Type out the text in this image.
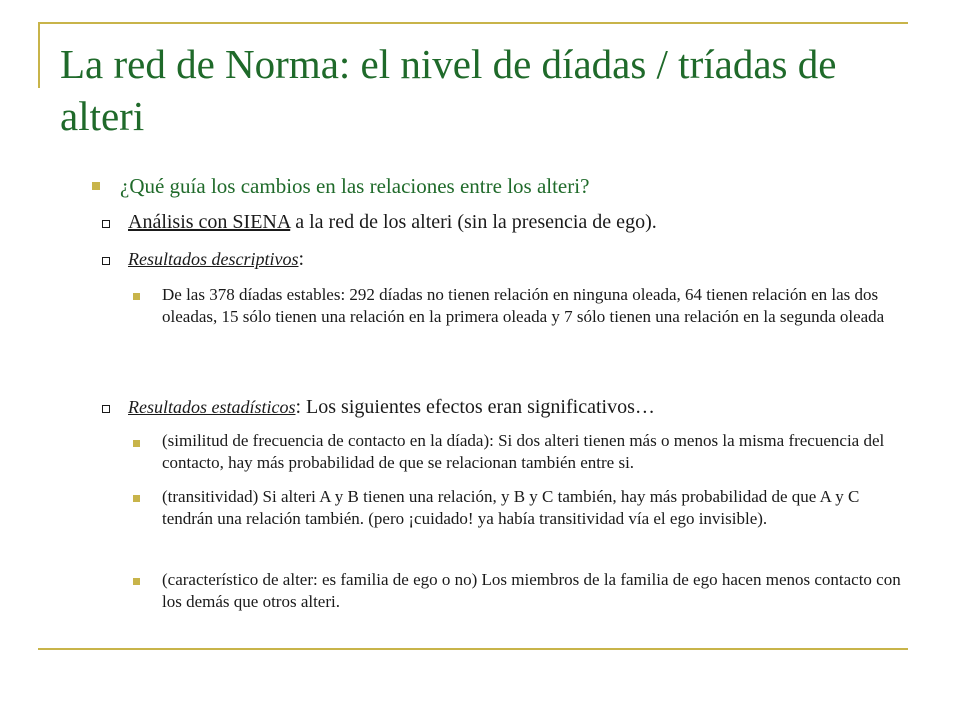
La red de Norma: el nivel de díadas / tríadas de alteri
¿Qué guía los cambios en las relaciones entre los alteri?
Análisis con SIENA a la red de los alteri (sin la presencia de ego).
Resultados descriptivos:
De las 378 díadas estables: 292 díadas no tienen relación en ninguna oleada, 64 tienen relación en las dos oleadas, 15 sólo tienen una relación en la primera oleada y 7 sólo tienen una relación en la segunda oleada
Resultados estadísticos: Los siguientes efectos eran significativos…
(similitud de frecuencia de contacto en la díada): Si dos alteri tienen más o menos la misma frecuencia del contacto, hay más probabilidad de que se relacionan también entre si.
(transitividad) Si alteri A y B tienen una relación, y B y C también, hay más probabilidad de que A y C tendrán una relación también. (pero ¡cuidado! ya había transitividad vía el ego invisible).
(característico de alter: es familia de ego o no) Los miembros de la familia de ego hacen menos contacto con los demás que otros alteri.
